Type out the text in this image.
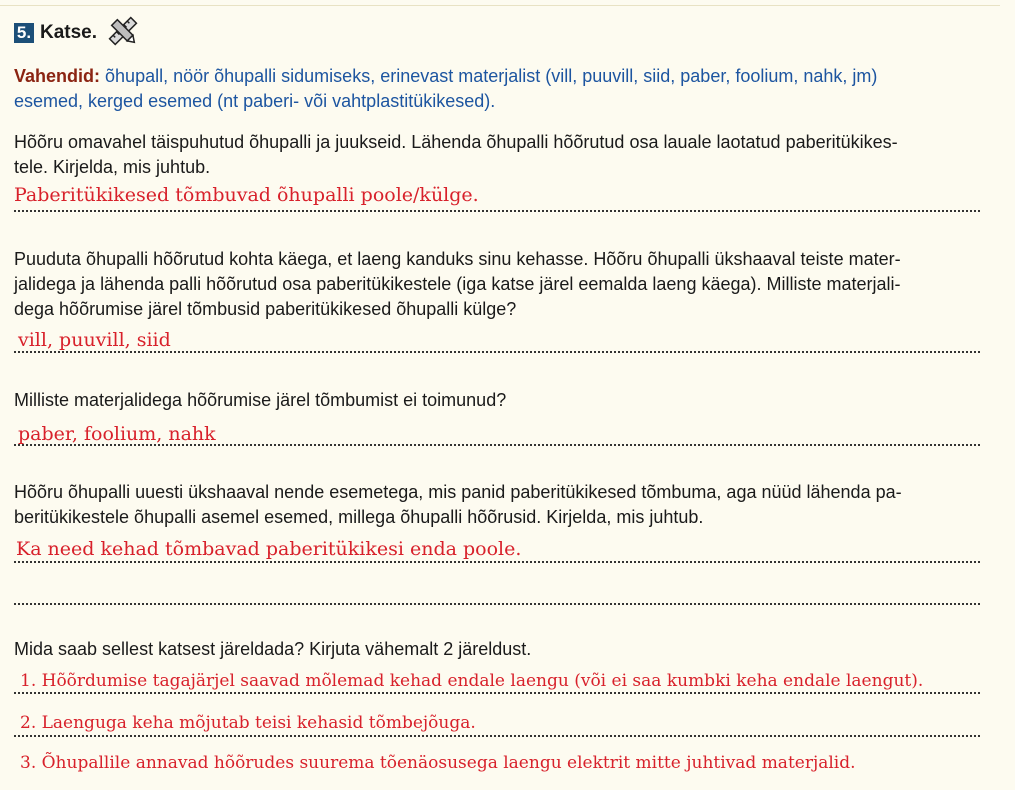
5. Katse.
Vahendid: õhupall, nöör õhupalli sidumiseks, erinevast materjalist (vill, puuvill, siid, paber, foolium, nahk, jm)
esemed, kerged esemed (nt paberi- või vahtplastitükikesed).
Hõõru omavahel täispuhutud õhupalli ja juukseid. Lähenda õhupalli hõõrutud osa lauale laotatud paberitükikes-
tele. Kirjelda, mis juhtub.
Paberitükikesed tõmbuvad õhupalli poole/külge.
Puuduta õhupalli hõõrutud kohta käega, et laeng kanduks sinu kehasse. Hõõru õhupalli ükshaaval teiste mater-
jalidega ja lähenda palli hõõrutud osa paberitükikestele (iga katse järel eemalda laeng käega). Milliste materjali-
dega hõõrumise järel tõmbusid paberitükikesed õhupalli külge?
vill, puuvill, siid
Milliste materjalidega hõõrumise järel tõmbumist ei toimunud?
paber, foolium, nahk
Hõõru õhupalli uuesti ükshaaval nende esemetega, mis panid paberitükikesed tõmbuma, aga nüüd lähenda pa-
beritükikestele õhupalli asemel esemed, millega õhupalli hõõrusid. Kirjelda, mis juhtub.
Ka need kehad tõmbavad paberitükikesi enda poole.
Mida saab sellest katsest järeldada? Kirjuta vähemalt 2 järeldust.
1. Hõõrdumise tagajärjel saavad mõlemad kehad endale laengu (või ei saa kumbki keha endale laengut).
2. Laenguga keha mõjutab teisi kehasid tõmbejõuga.
3. Õhupallile annavad hõõrudes suurema tõenäosusega laengu elektrit mitte juhtivad materjalid.
